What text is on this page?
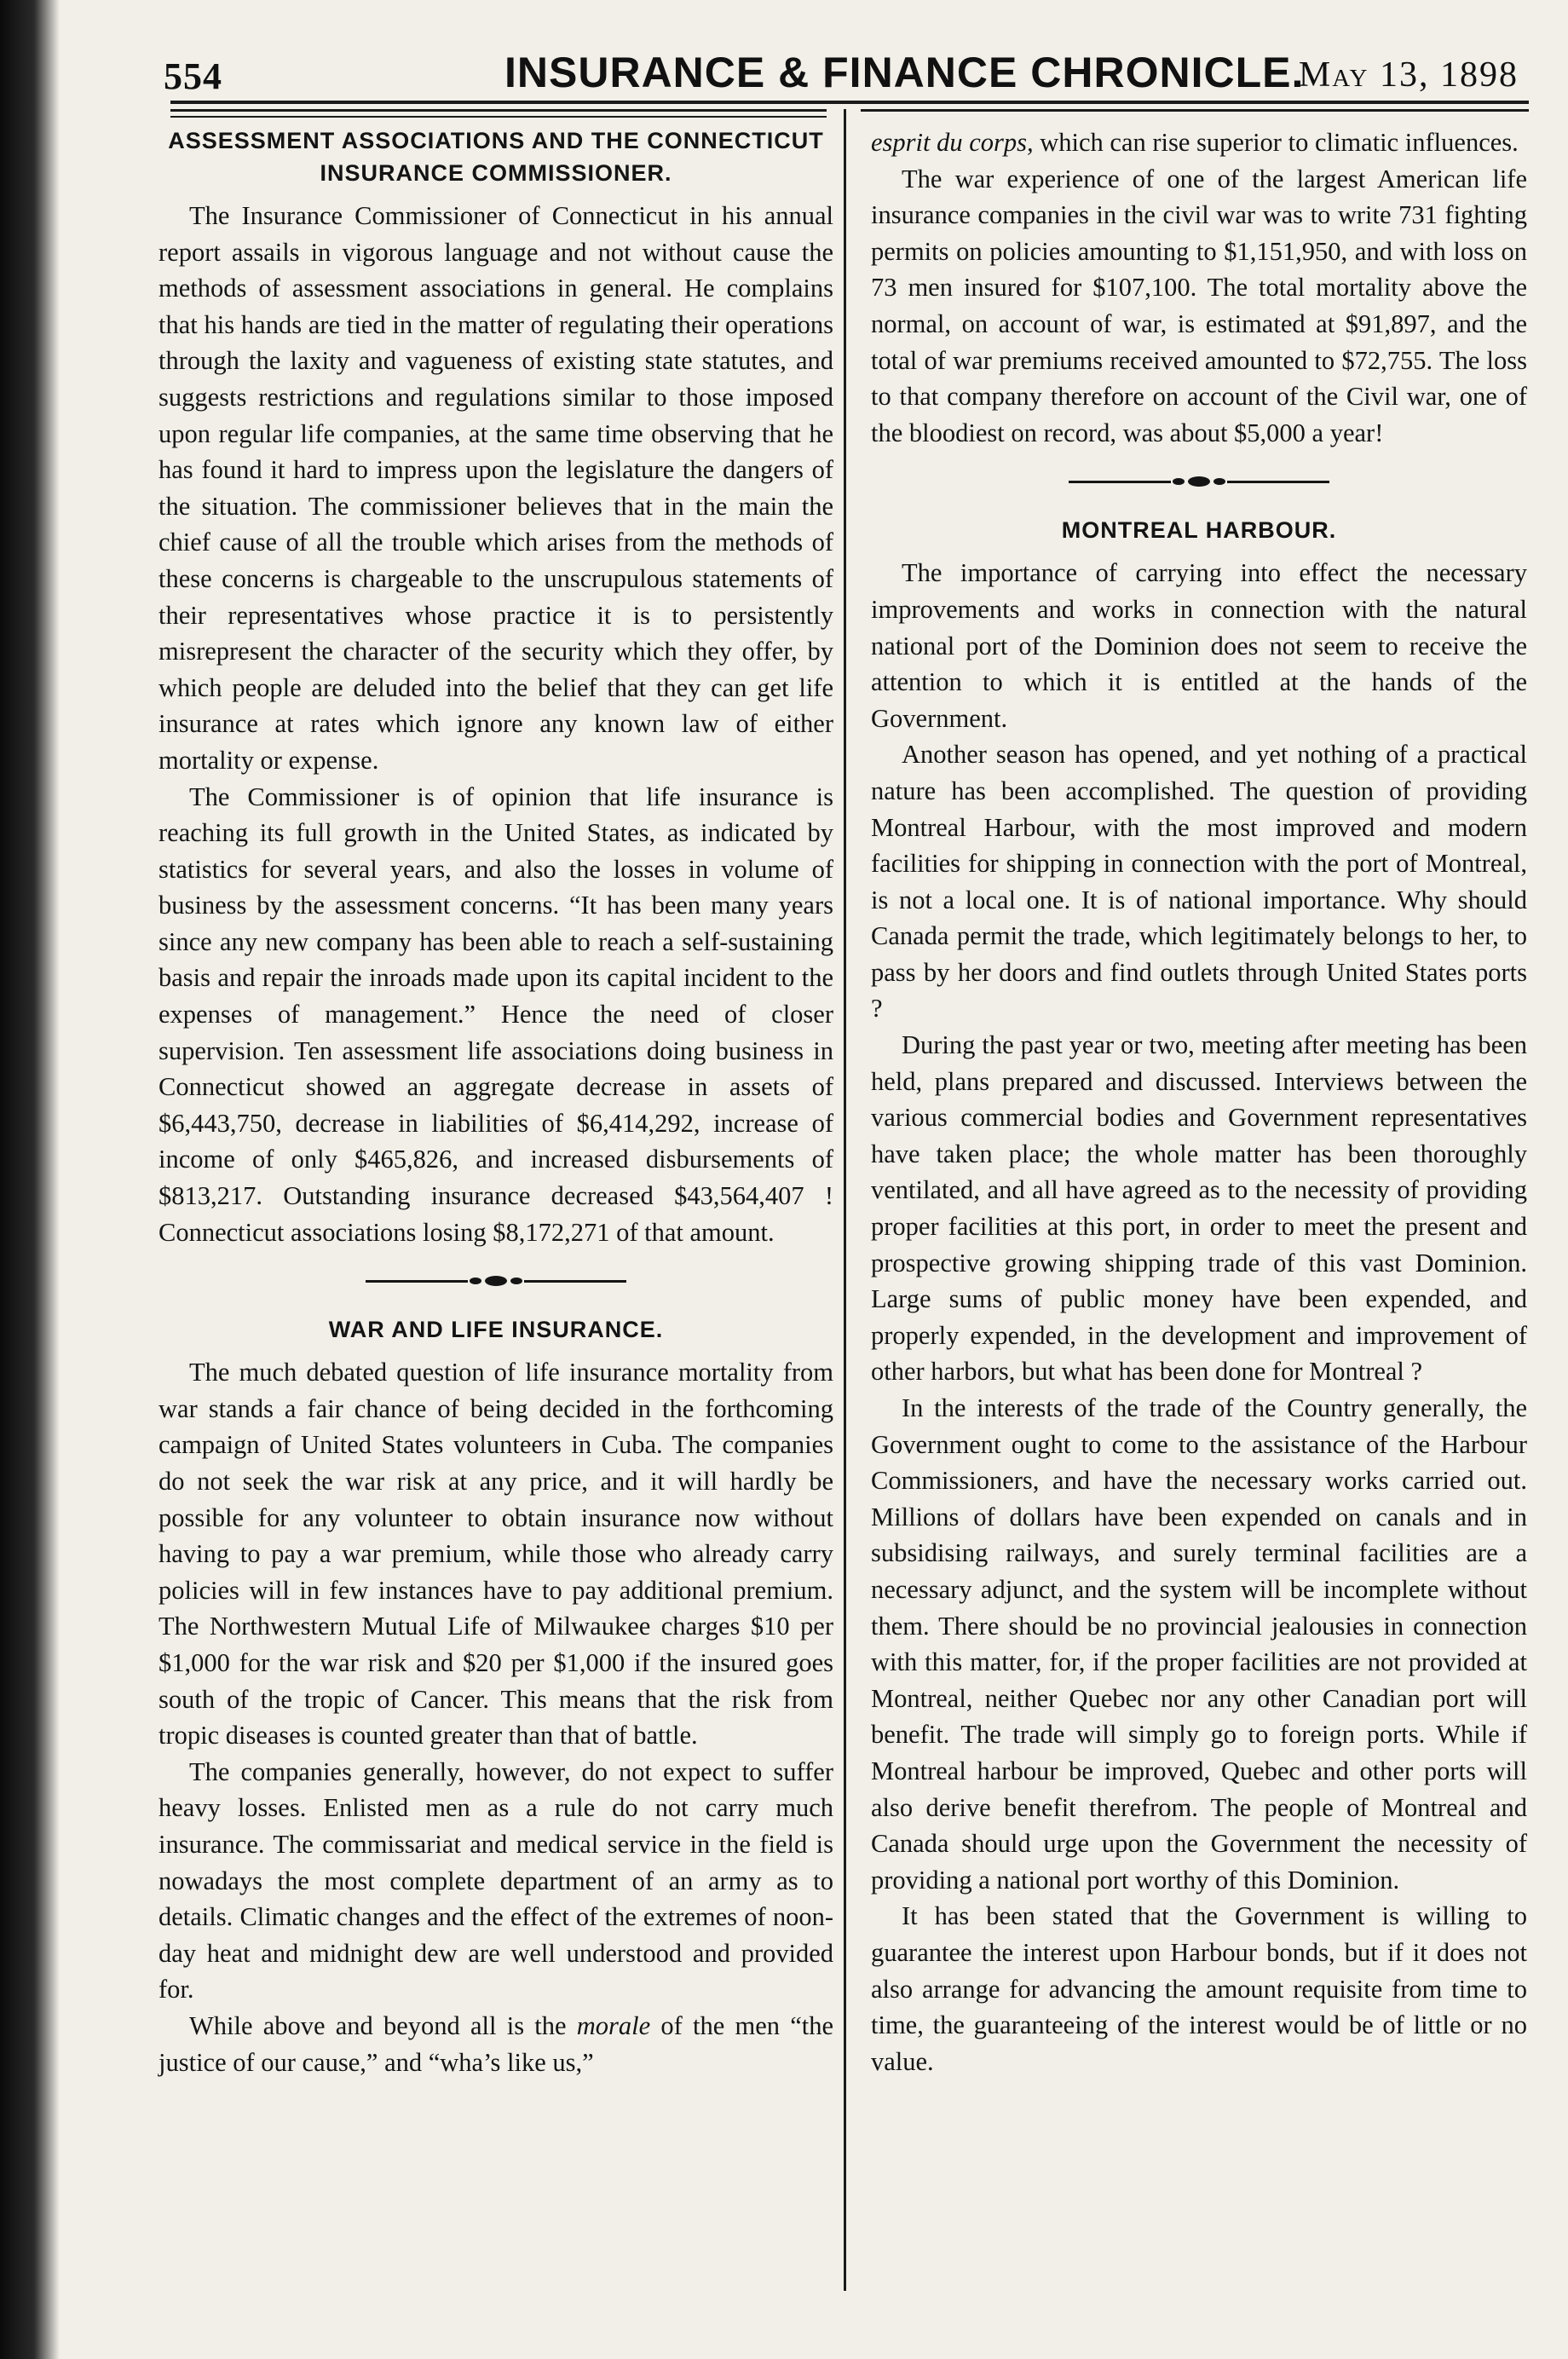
554	INSURANCE & FINANCE CHRONICLE.
May 13, 1898
ASSESSMENT ASSOCIATIONS AND THE CONNECTICUT INSURANCE COMMISSIONER.

The Insurance Commissioner of Connecticut in his annual report assails in vigorous language and not without cause the methods of assessment associations in general. He complains that his hands are tied in the matter of regulating their operations through the laxity and vagueness of existing state statutes, and suggests restrictions and regulations similar to those imposed upon regular life companies, at the same time observing that he has found it hard to impress upon the legislature the dangers of the situation. The commissioner believes that in the main the chief cause of all the trouble which arises from the methods of these concerns is chargeable to the unscrupulous statements of their representatives whose practice it is to persistently misrepresent the character of the security which they offer, by which people are deluded into the belief that they can get life insurance at rates which ignore any known law of either mortality or expense.

The Commissioner is of opinion that life insurance is reaching its full growth in the United States, as indicated by statistics for several years, and also the losses in volume of business by the assessment concerns. “It has been many years since any new company has been able to reach a self-sustaining basis and repair the inroads made upon its capital incident to the expenses of management.” Hence the need of closer supervision. Ten assessment life associations doing business in Connecticut showed an aggregate decrease in assets of $6,443,750, decrease in liabilities of $6,414,292, increase of income of only $465,826, and increased disbursements of $813,217. Outstanding insurance decreased $43,564,407 ! Connecticut associations losing $8,172,271 of that amount.

WAR AND LIFE INSURANCE.

The much debated question of life insurance mortality from war stands a fair chance of being decided in the forthcoming campaign of United States volunteers in Cuba. The companies do not seek the war risk at any price, and it will hardly be possible for any volunteer to obtain insurance now without having to pay a war premium, while those who already carry policies will in few instances have to pay additional premium. The Northwestern Mutual Life of Milwaukee charges $10 per $1,000 for the war risk and $20 per $1,000 if the insured goes south of the tropic of Cancer. This means that the risk from tropic diseases is counted greater than that of battle.

The companies generally, however, do not expect to suffer heavy losses. Enlisted men as a rule do not carry much insurance. The commissariat and medical service in the field is nowadays the most complete department of an army as to details. Climatic changes and the effect of the extremes of noon-day heat and midnight dew are well understood and provided for.

While above and beyond all is the morale of the men “the justice of our cause,” and “wha’s like us,”

esprit du corps, which can rise superior to climatic influences.

The war experience of one of the largest American life insurance companies in the civil war was to write 731 fighting permits on policies amounting to $1,151,950, and with loss on 73 men insured for $107,100. The total mortality above the normal, on account of war, is estimated at $91,897, and the total of war premiums received amounted to $72,755. The loss to that company therefore on account of the Civil war, one of the bloodiest on record, was about $5,000 a year!

MONTREAL HARBOUR.

The importance of carrying into effect the necessary improvements and works in connection with the natural national port of the Dominion does not seem to receive the attention to which it is entitled at the hands of the Government.

Another season has opened, and yet nothing of a practical nature has been accomplished. The question of providing Montreal Harbour, with the most improved and modern facilities for shipping in connection with the port of Montreal, is not a local one. It is of national importance. Why should Canada permit the trade, which legitimately belongs to her, to pass by her doors and find outlets through United States ports ?

During the past year or two, meeting after meeting has been held, plans prepared and discussed. Interviews between the various commercial bodies and Government representatives have taken place; the whole matter has been thoroughly ventilated, and all have agreed as to the necessity of providing proper facilities at this port, in order to meet the present and prospective growing shipping trade of this vast Dominion. Large sums of public money have been expended, and properly expended, in the development and improvement of other harbors, but what has been done for Montreal ?

In the interests of the trade of the Country generally, the Government ought to come to the assistance of the Harbour Commissioners, and have the necessary works carried out. Millions of dollars have been expended on canals and in subsidising railways, and surely terminal facilities are a necessary adjunct, and the system will be incomplete without them. There should be no provincial jealousies in connection with this matter, for, if the proper facilities are not provided at Montreal, neither Quebec nor any other Canadian port will benefit. The trade will simply go to foreign ports. While if Montreal harbour be improved, Quebec and other ports will also derive benefit therefrom. The people of Montreal and Canada should urge upon the Government the necessity of providing a national port worthy of this Dominion.

It has been stated that the Government is willing to guarantee the interest upon Harbour bonds, but if it does not also arrange for advancing the amount requisite from time to time, the guaranteeing of the interest would be of little or no value.
